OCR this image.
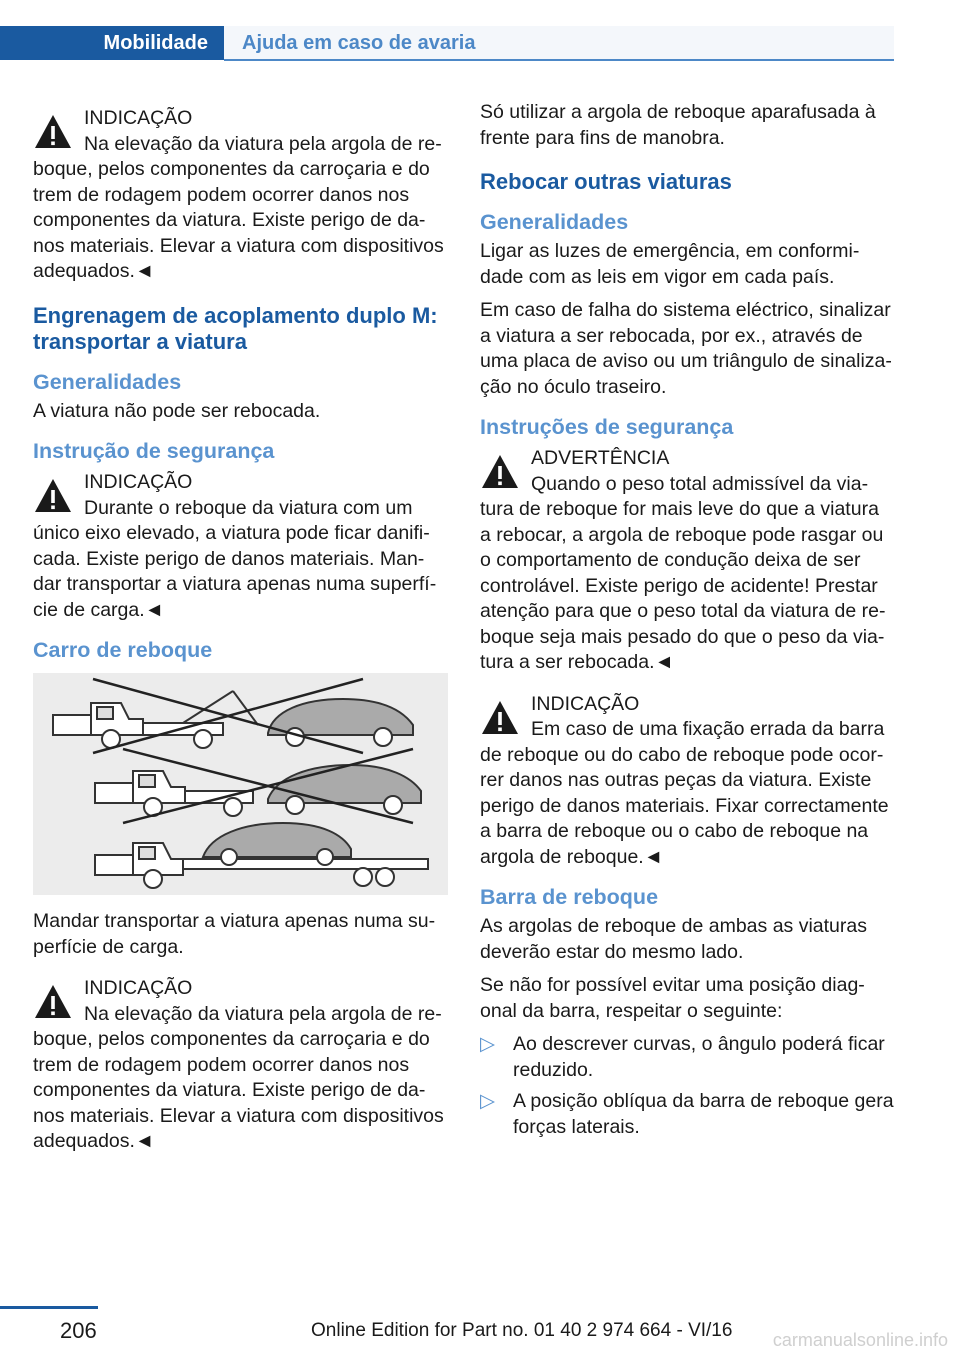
Mobilidade	Ajuda em caso de avaria
INDICAÇÃO
Na elevação da viatura pela argola de re-
boque, pelos componentes da carroçaria e do trem de rodagem podem ocorrer danos nos componentes da viatura. Existe perigo de da-nos materiais. Elevar a viatura com dispositivos adequados.◄
Engrenagem de acoplamento duplo M: transportar a viatura
Generalidades

A viatura não pode ser rebocada.

Instrução de segurança
INDICAÇÃO
Durante o reboque da viatura com um
único eixo elevado, a viatura pode ficar danifi-cada. Existe perigo de danos materiais. Man-dar transportar a viatura apenas numa superfí-cie de carga.◄
Carro de reboque

Mandar transportar a viatura apenas numa su-perfície de carga.

INDICAÇÃO
Na elevação da viatura pela argola de re-
boque, pelos componentes da carroçaria e do trem de rodagem podem ocorrer danos nos componentes da viatura. Existe perigo de da-nos materiais. Elevar a viatura com dispositivos adequados.◄

Só utilizar a argola de reboque aparafusada à frente para fins de manobra.

Rebocar outras viaturas
Generalidades

Ligar as luzes de emergência, em conformi-dade com as leis em vigor em cada país.

Em caso de falha do sistema eléctrico, sinalizar a viatura a ser rebocada, por ex., através de uma placa de aviso ou um triângulo de sinaliza-ção no óculo traseiro.

Instruções de segurança
ADVERTÊNCIA
Quando o peso total admissível da via-
tura de reboque for mais leve do que a viatura a rebocar, a argola de reboque pode rasgar ou o comportamento de condução deixa de ser controlável. Existe perigo de acidente! Prestar atenção para que o peso total da viatura de re-boque seja mais pesado do que o peso da via-tura a ser rebocada.◄
INDICAÇÃO
Em caso de uma fixação errada da barra
de reboque ou do cabo de reboque pode ocor-rer danos nas outras peças da viatura. Existe perigo de danos materiais. Fixar correctamente a barra de reboque ou o cabo de reboque na argola de reboque.◄
Barra de reboque

As argolas de reboque de ambas as viaturas deverão estar do mesmo lado.

Se não for possível evitar uma posição diag-onal da barra, respeitar o seguinte:

▷ Ao descrever curvas, o ângulo poderá ficar reduzido.
▷ A posição oblíqua da barra de reboque gera forças laterais.
206	Online Edition for Part no. 01 40 2 974 664 - VI/16 carmanualsonline.info
